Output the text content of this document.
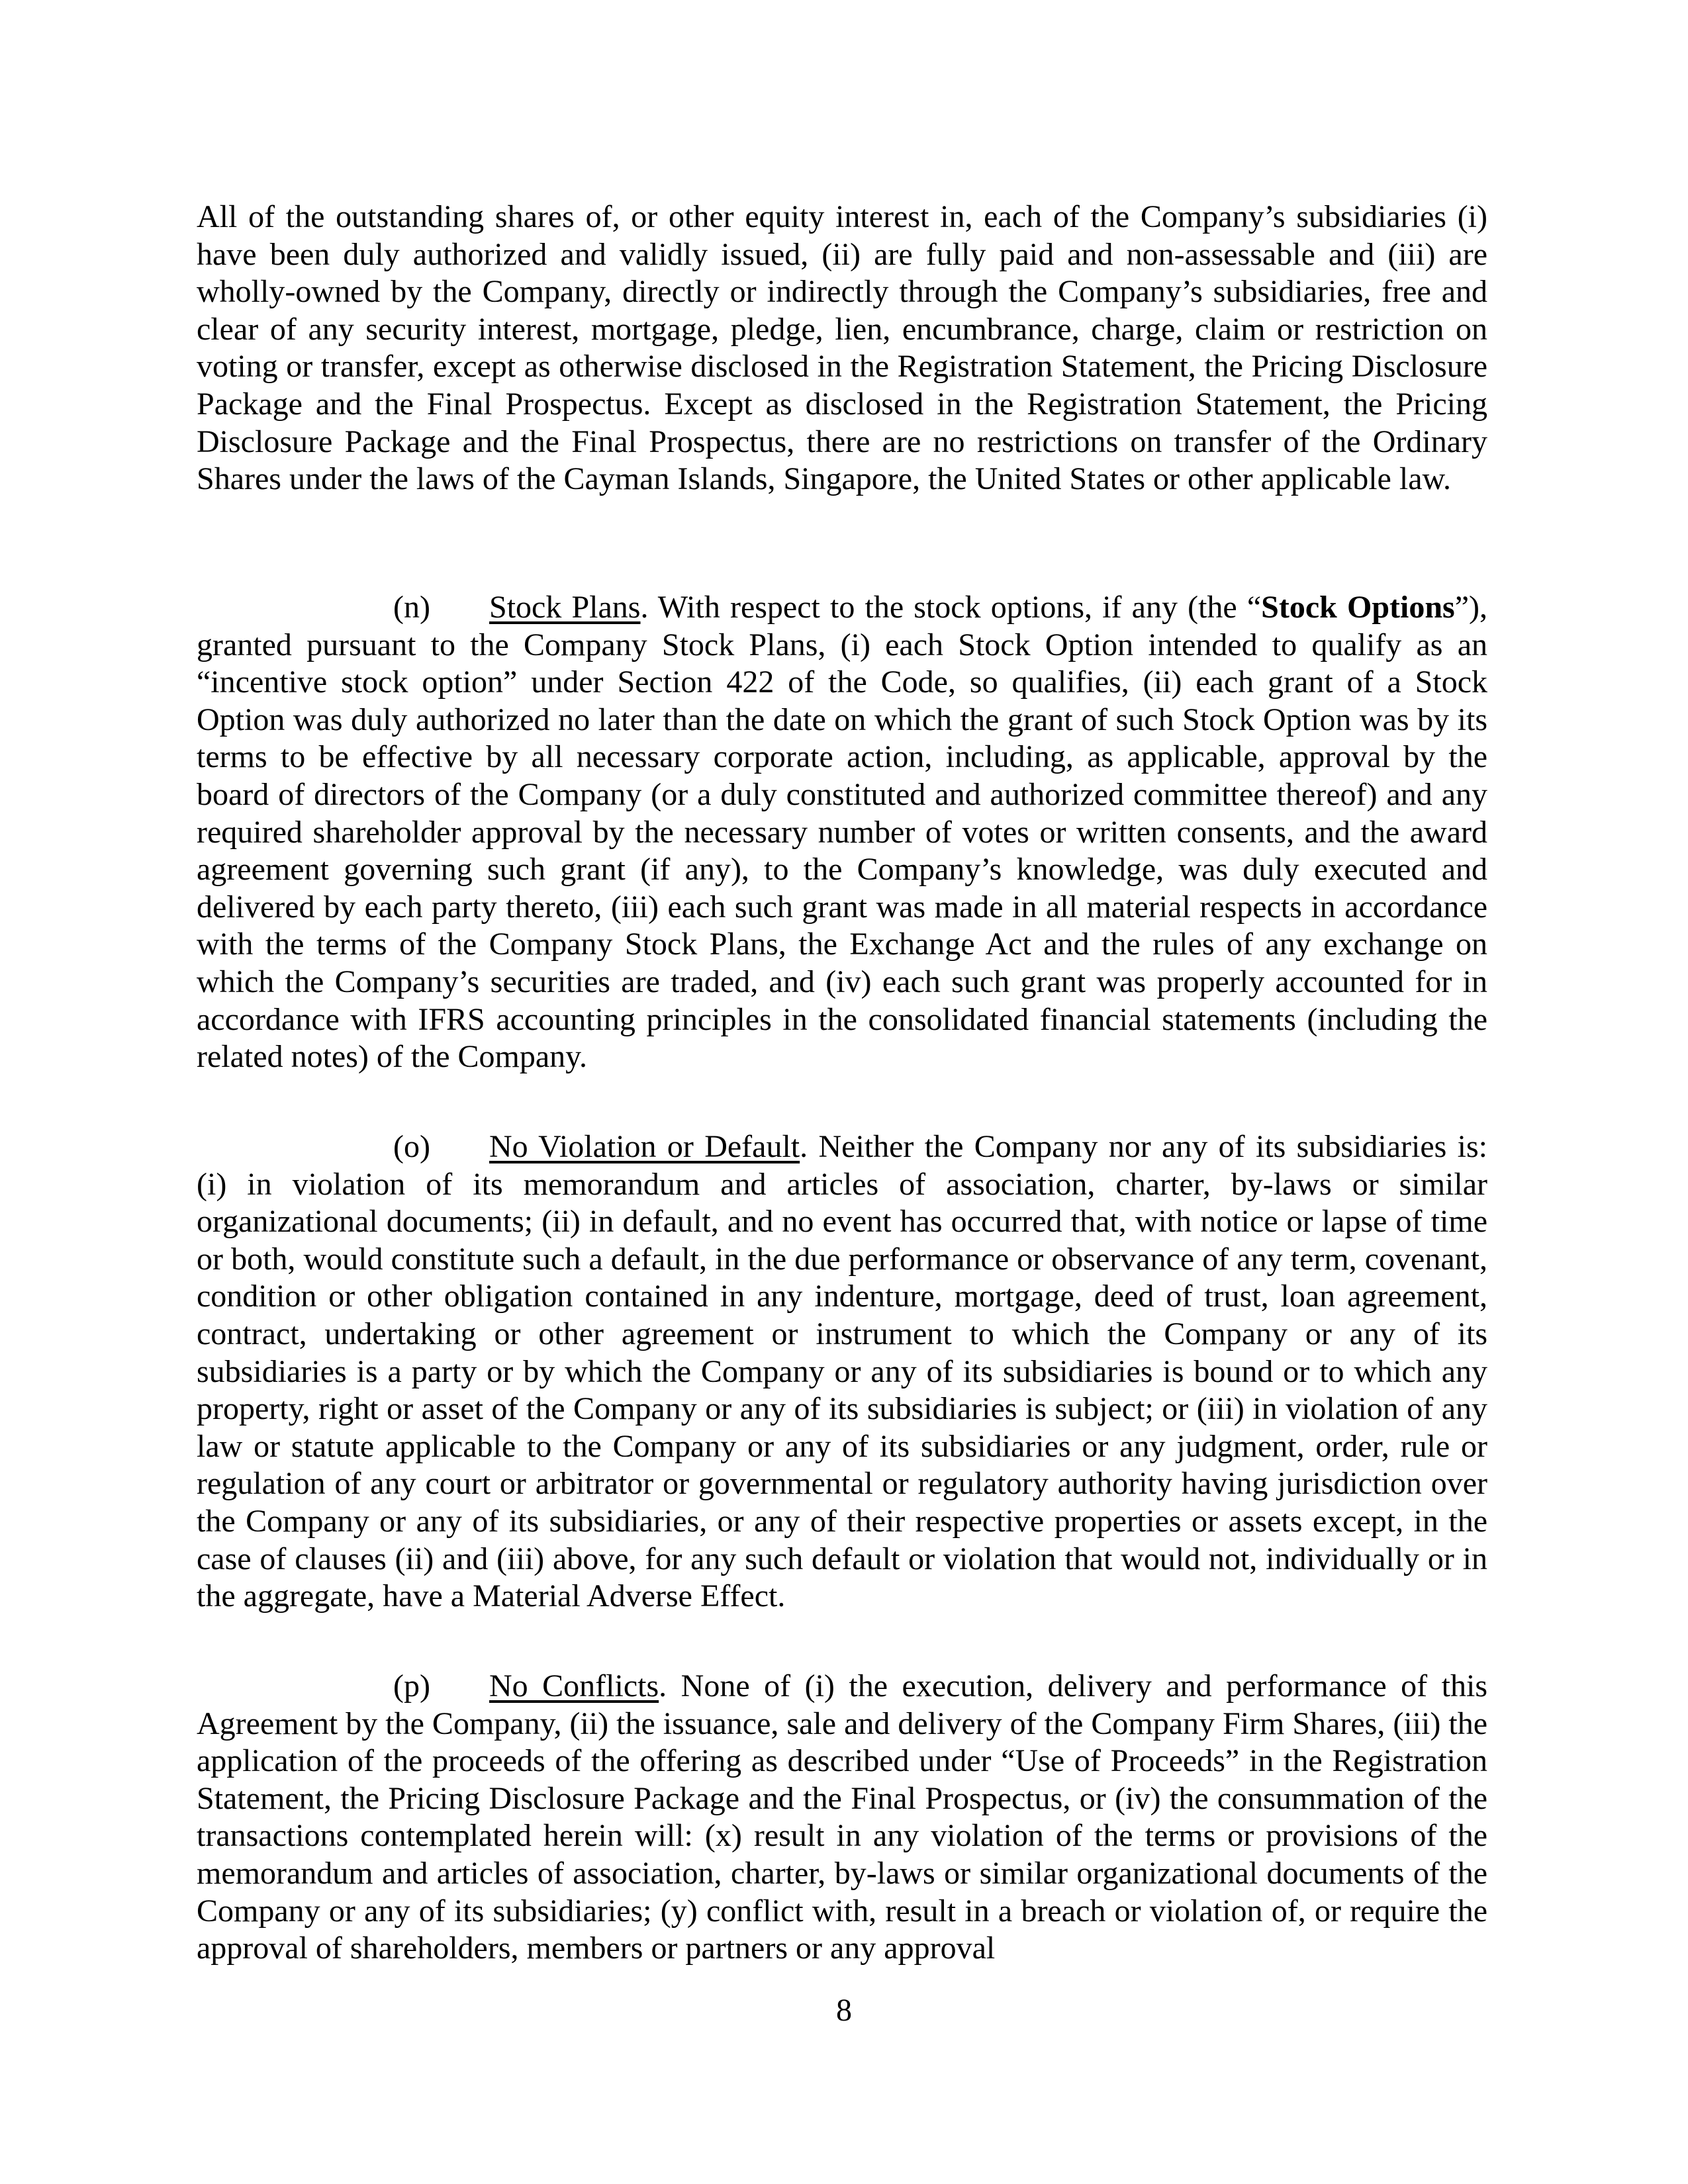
All of the outstanding shares of, or other equity interest in, each of the Company’s subsidiaries (i) have been duly authorized and validly issued, (ii) are fully paid and non-assessable and (iii) are wholly-owned by the Company, directly or indirectly through the Company’s subsidiaries, free and clear of any security interest, mortgage, pledge, lien, encumbrance, charge, claim or restriction on voting or transfer, except as otherwise disclosed in the Registration Statement, the Pricing Disclosure Package and the Final Prospectus. Except as disclosed in the Registration Statement, the Pricing Disclosure Package and the Final Prospectus, there are no restrictions on transfer of the Ordinary Shares under the laws of the Cayman Islands, Singapore, the United States or other applicable law.

(n) Stock Plans. With respect to the stock options, if any (the “Stock Options”), granted pursuant to the Company Stock Plans, (i) each Stock Option intended to qualify as an “incentive stock option” under Section 422 of the Code, so qualifies, (ii) each grant of a Stock Option was duly authorized no later than the date on which the grant of such Stock Option was by its terms to be effective by all necessary corporate action, including, as applicable, approval by the board of directors of the Company (or a duly constituted and authorized committee thereof) and any required shareholder approval by the necessary number of votes or written consents, and the award agreement governing such grant (if any), to the Company’s knowledge, was duly executed and delivered by each party thereto, (iii) each such grant was made in all material respects in accordance with the terms of the Company Stock Plans, the Exchange Act and the rules of any exchange on which the Company’s securities are traded, and (iv) each such grant was properly accounted for in accordance with IFRS accounting principles in the consolidated financial statements (including the related notes) of the Company.

(o) No Violation or Default. Neither the Company nor any of its subsidiaries is: (i) in violation of its memorandum and articles of association, charter, by-laws or similar organizational documents; (ii) in default, and no event has occurred that, with notice or lapse of time or both, would constitute such a default, in the due performance or observance of any term, covenant, condition or other obligation contained in any indenture, mortgage, deed of trust, loan agreement, contract, undertaking or other agreement or instrument to which the Company or any of its subsidiaries is a party or by which the Company or any of its subsidiaries is bound or to which any property, right or asset of the Company or any of its subsidiaries is subject; or (iii) in violation of any law or statute applicable to the Company or any of its subsidiaries or any judgment, order, rule or regulation of any court or arbitrator or governmental or regulatory authority having jurisdiction over the Company or any of its subsidiaries, or any of their respective properties or assets except, in the case of clauses (ii) and (iii) above, for any such default or violation that would not, individually or in the aggregate, have a Material Adverse Effect.

(p) No Conflicts. None of (i) the execution, delivery and performance of this Agreement by the Company, (ii) the issuance, sale and delivery of the Company Firm Shares, (iii) the application of the proceeds of the offering as described under “Use of Proceeds” in the Registration Statement, the Pricing Disclosure Package and the Final Prospectus, or (iv) the consummation of the transactions contemplated herein will: (x) result in any violation of the terms or provisions of the memorandum and articles of association, charter, by-laws or similar organizational documents of the Company or any of its subsidiaries; (y) conflict with, result in a breach or violation of, or require the approval of shareholders, members or partners or any approval

8
